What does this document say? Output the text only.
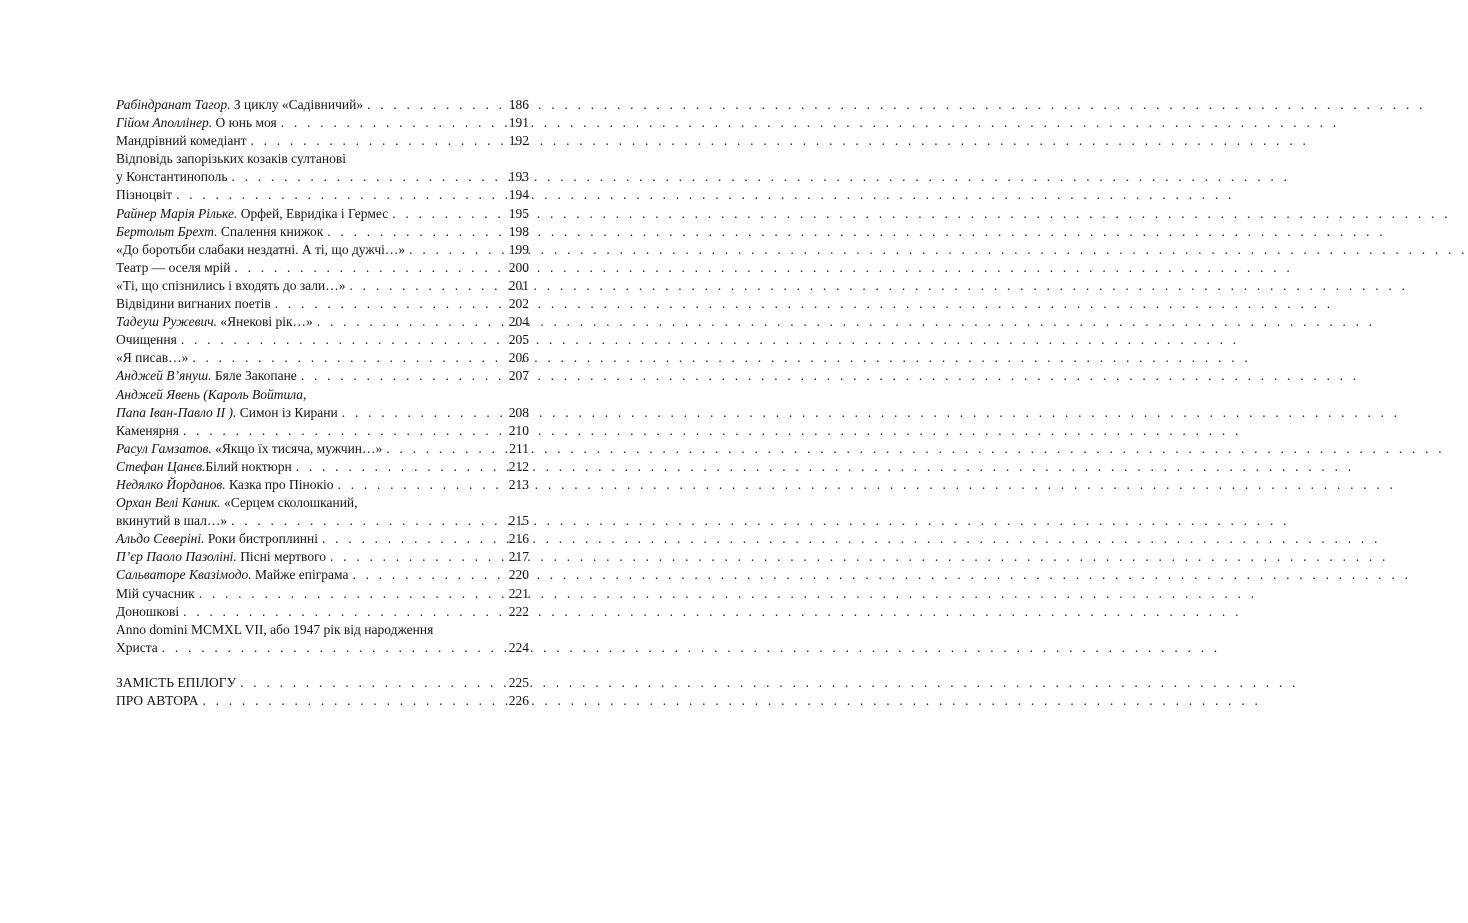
Рабіндранат Тагор. З циклу «Садівничий» . . .	186
Гійом Аполлінер. О юнь моя . . .	191
Мандрівний комедіант . . .	192
Відповідь запорізьких козаків султанові
у Константинополь . . .	193
Пізноцвіт . . .	194
Райнер Марія Рільке. Орфей, Евридіка і Гермес . . .	195
Бертольт Брехт. Спалення книжок . . .	198
«До боротьби слабаки нездатні. А ті, що дужчі…» . . .	199
Театр — оселя мрій . . .	200
«Ті, що спізнились і входять до зали…» . . .	201
Відвідини вигнаних поетів . . .	202
Тадеуш Ружевич. «Янекові рік…» . . .	204
Очищення . . .	205
«Я писав…» . . .	206
Анджей В’януш. Бяле Закопане . . .	207
Анджей Явень (Кароль Войтила,
Папа Іван-Павло ІІ ). Симон із Кирани . . .	208
Каменярня . . .	210
Расул Гамзатов. «Якщо їх тисяча, мужчин…» . . .	211
Стефан Цанєв.Білий ноктюрн . . .	212
Недялко Йорданов. Казка про Пінокіо . . .	213
Орхан Велі Каник. «Серцем сколошканий,
вкинутий в шал…» . . .	215
Альдо Северіні. Роки бистроплинні . . .	216
П’єр Паоло Пазоліні. Пісні мертвого . . .	217
Сальваторе Квазімодо. Майже епіграма . . .	220
Мій сучасник . . .	221
Доношкові . . .	222
Anno domini MCMXL VII, або 1947 рік від народження
Христа . . .	224
ЗАМІСТЬ ЕПІЛОГУ . . .	225
ПРО АВТОРА . . .	226
